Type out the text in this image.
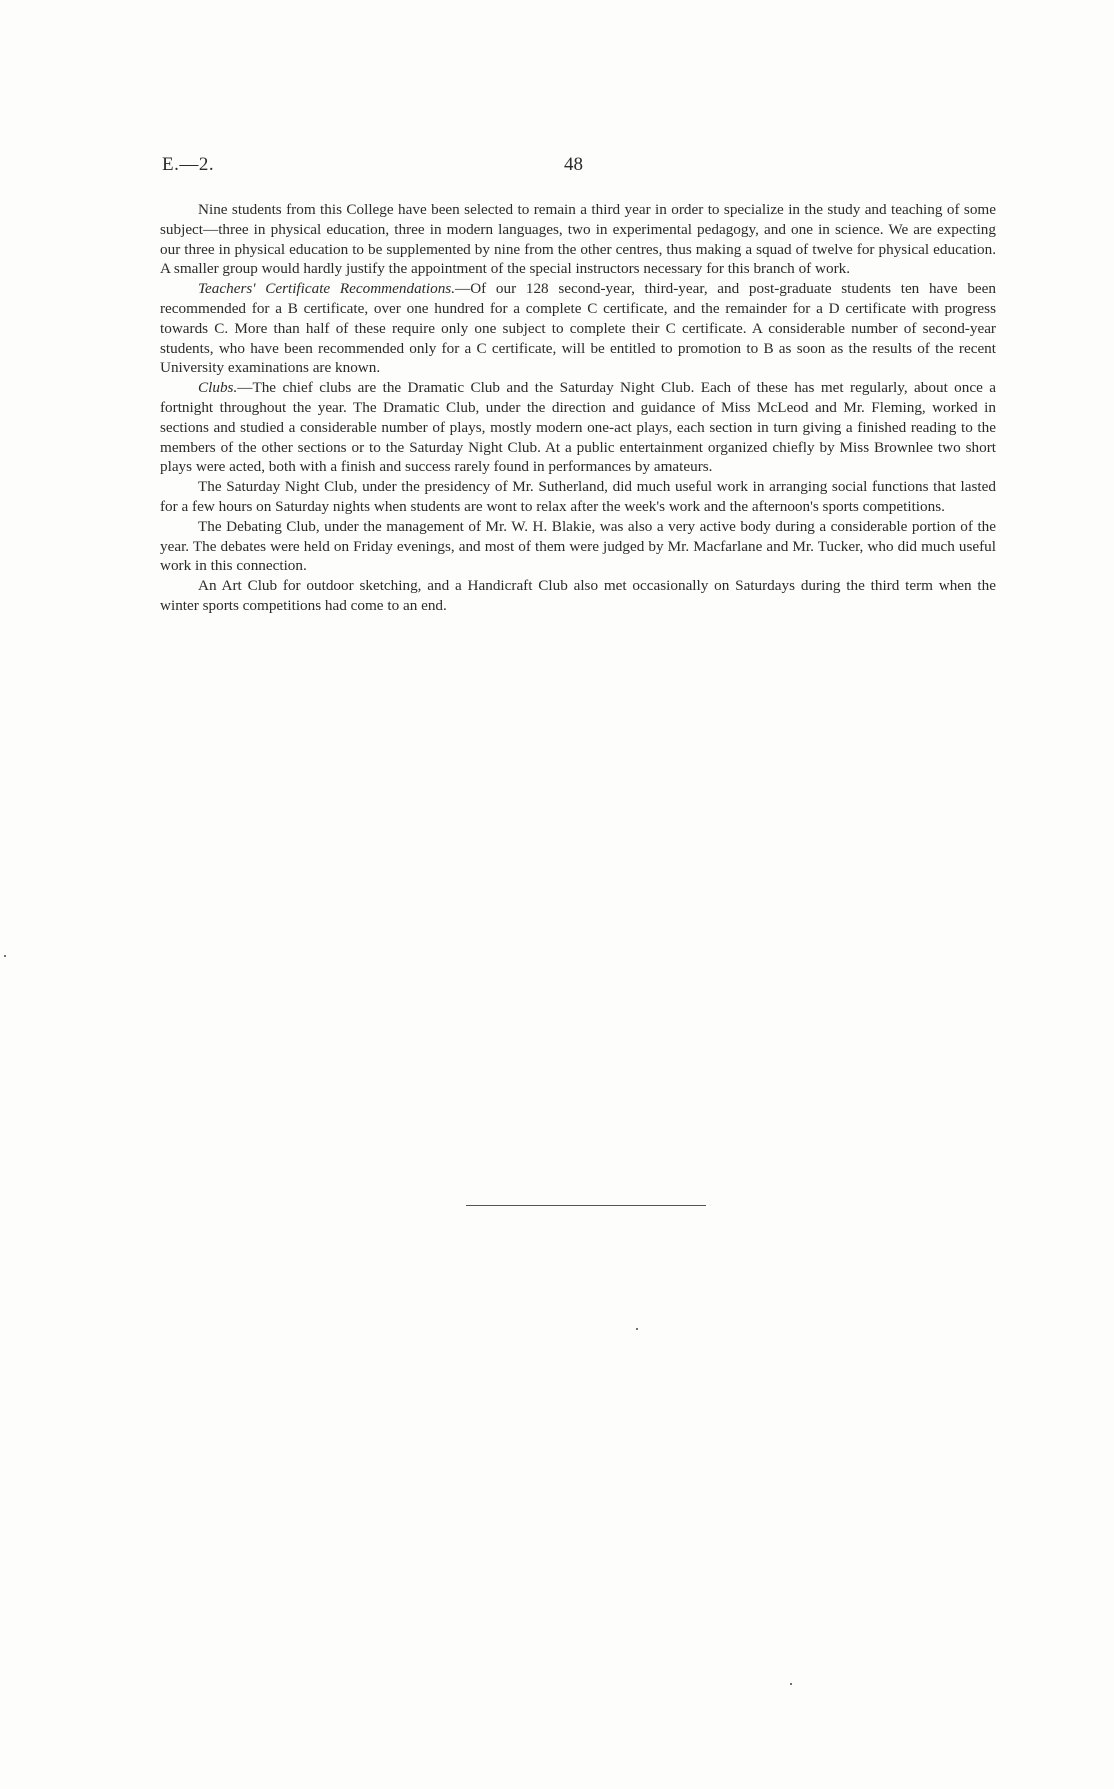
E.—2.	48

Nine students from this College have been selected to remain a third year in order to specialize in the study and teaching of some subject—three in physical education, three in modern languages, two in experimental pedagogy, and one in science. We are expecting our three in physical education to be supplemented by nine from the other centres, thus making a squad of twelve for physical education. A smaller group would hardly justify the appointment of the special instructors necessary for this branch of work.

Teachers' Certificate Recommendations.—Of our 128 second-year, third-year, and post-graduate students ten have been recommended for a B certificate, over one hundred for a complete C certificate, and the remainder for a D certificate with progress towards C. More than half of these require only one subject to complete their C certificate. A considerable number of second-year students, who have been recommended only for a C certificate, will be entitled to promotion to B as soon as the results of the recent University examinations are known.

Clubs.—The chief clubs are the Dramatic Club and the Saturday Night Club. Each of these has met regularly, about once a fortnight throughout the year. The Dramatic Club, under the direction and guidance of Miss McLeod and Mr. Fleming, worked in sections and studied a considerable number of plays, mostly modern one-act plays, each section in turn giving a finished reading to the members of the other sections or to the Saturday Night Club. At a public entertainment organized chiefly by Miss Brownlee two short plays were acted, both with a finish and success rarely found in performances by amateurs.

The Saturday Night Club, under the presidency of Mr. Sutherland, did much useful work in arranging social functions that lasted for a few hours on Saturday nights when students are wont to relax after the week's work and the afternoon's sports competitions.

The Debating Club, under the management of Mr. W. H. Blakie, was also a very active body during a considerable portion of the year. The debates were held on Friday evenings, and most of them were judged by Mr. Macfarlane and Mr. Tucker, who did much useful work in this connection.

An Art Club for outdoor sketching, and a Handicraft Club also met occasionally on Saturdays during the third term when the winter sports competitions had come to an end.
